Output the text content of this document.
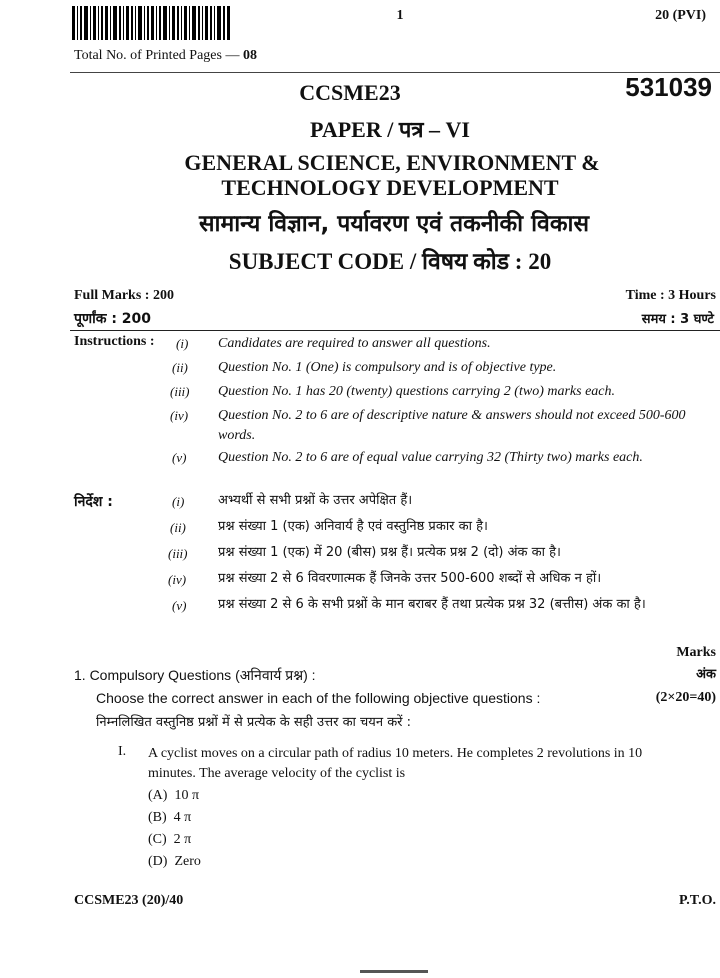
1	20 (PVI)
Total No. of Printed Pages — 08
CCSME23	531039
PAPER / पत्र – VI
GENERAL SCIENCE, ENVIRONMENT &
TECHNOLOGY DEVELOPMENT
सामान्य विज्ञान, पर्यावरण एवं तकनीकी विकास
SUBJECT CODE / विषय कोड : 20
Full Marks : 200
पूर्णांक : 200
Time : 3 Hours
समय : 3 घण्टे
Instructions : (i)	Candidates are required to answer all questions.
(ii)	Question No. 1 (One) is compulsory and is of objective type.
(iii)	Question No. 1 has 20 (twenty) questions carrying 2 (two) marks each.
(iv)	Question No. 2 to 6 are of descriptive nature & answers should not exceed 500-600 words.
(v)	Question No. 2 to 6 are of equal value carrying 32 (Thirty two) marks each.
निर्देश :	(i)	अभ्यर्थी से सभी प्रश्नों के उत्तर अपेक्षित हैं।
(ii)	प्रश्न संख्या 1 (एक) अनिवार्य है एवं वस्तुनिष्ठ प्रकार का है।
(iii)	प्रश्न संख्या 1 (एक) में 20 (बीस) प्रश्न हैं। प्रत्येक प्रश्न 2 (दो) अंक का है।
(iv)	प्रश्न संख्या 2 से 6 विवरणात्मक हैं जिनके उत्तर 500-600 शब्दों से अधिक न हों।
(v)	प्रश्न संख्या 2 से 6 के सभी प्रश्नों के मान बराबर हैं तथा प्रत्येक प्रश्न 32 (बत्तीस) अंक का है।
Marks
अंक
1. Compulsory Questions (अनिवार्य प्रश्न) :
Choose the correct answer in each of the following objective questions :	(2×20=40)
निम्नलिखित वस्तुनिष्ठ प्रश्नों में से प्रत्येक के सही उत्तर का चयन करें :
I. A cyclist moves on a circular path of radius 10 meters. He completes 2 revolutions in 10 minutes. The average velocity of the cyclist is
(A) 10 π
(B) 4 π
(C) 2 π
(D) Zero
CCSME23 (20)/40	P.T.O.
